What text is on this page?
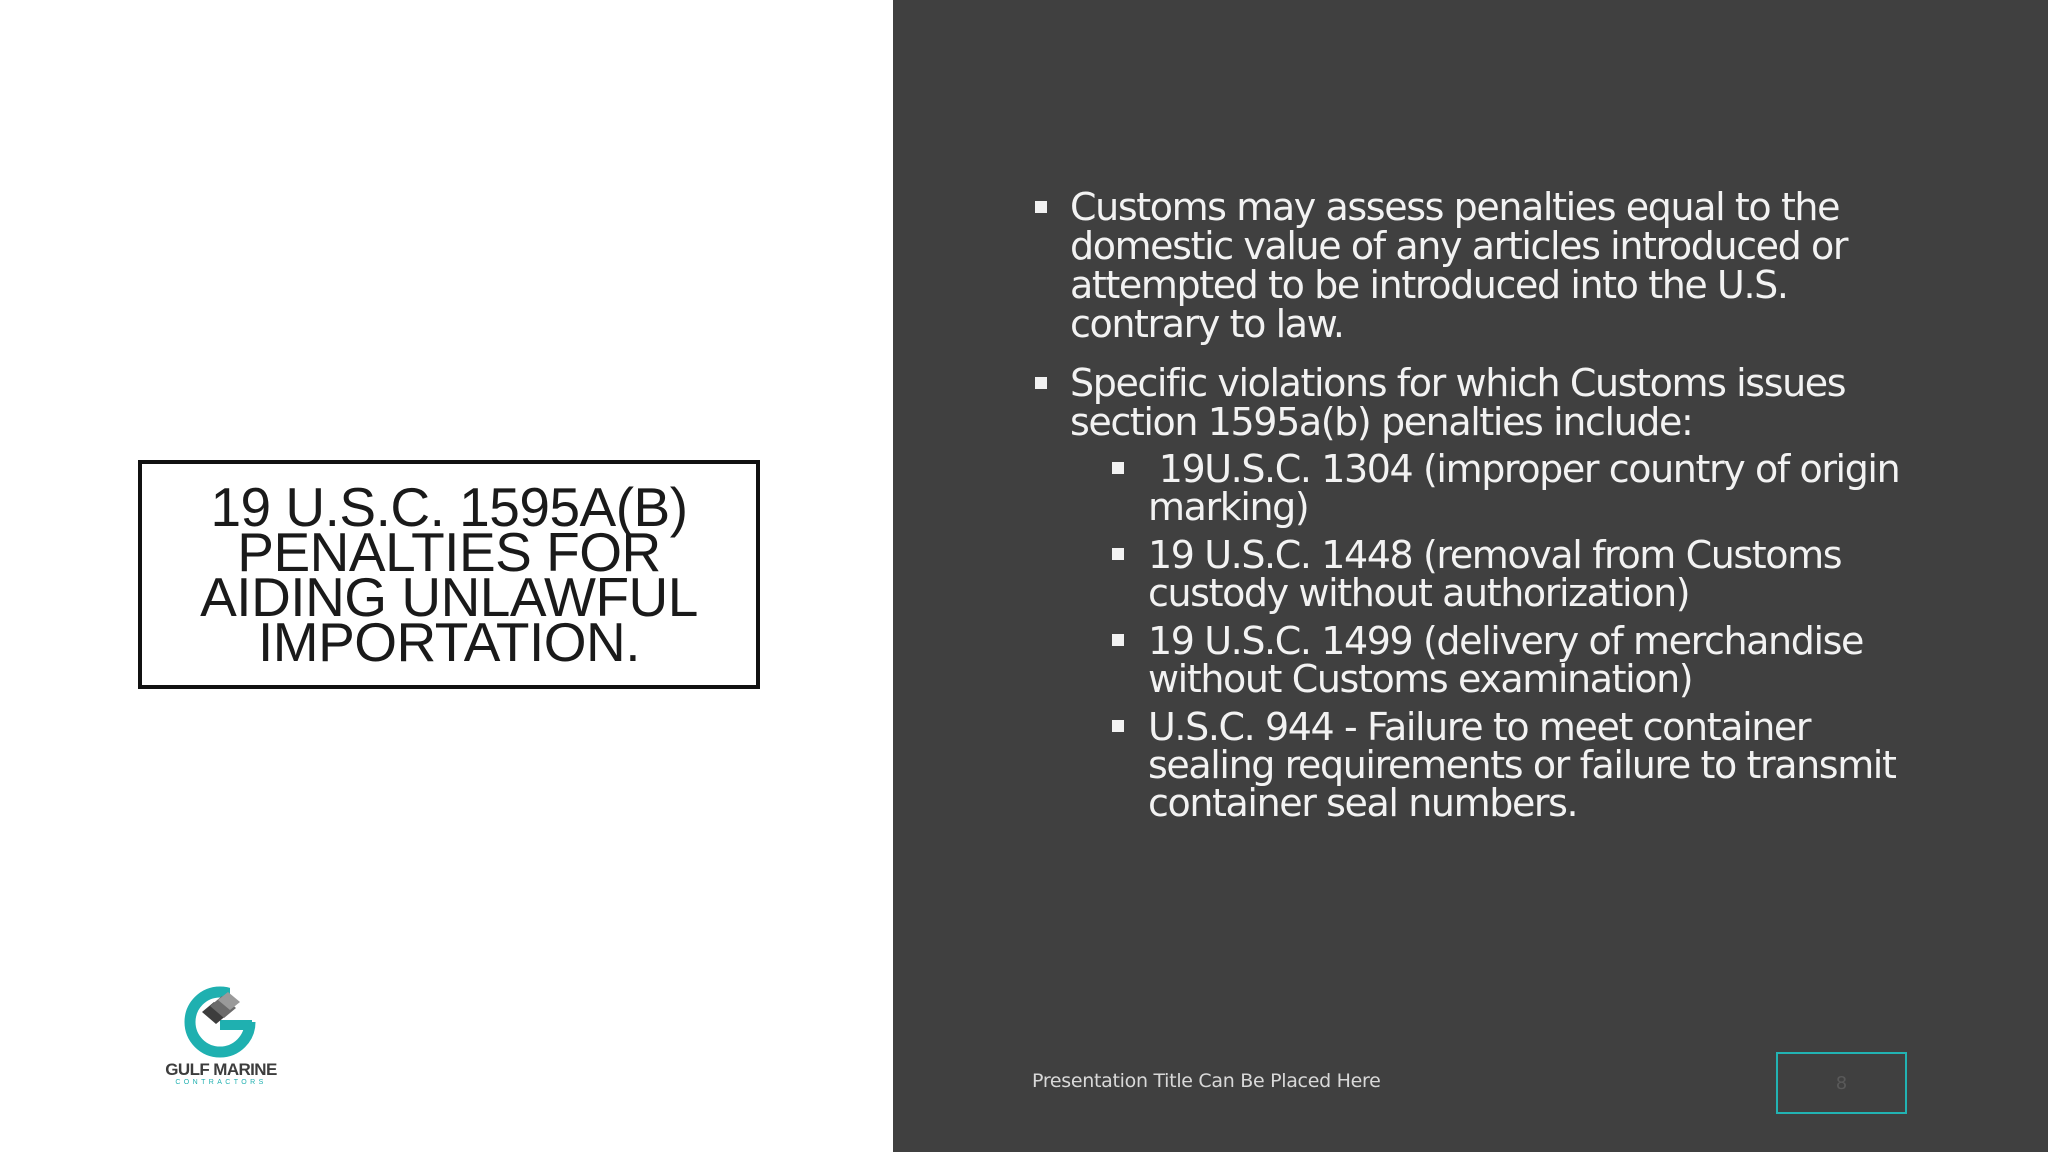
19 U.S.C. 1595A(B) PENALTIES FOR AIDING UNLAWFUL IMPORTATION.
GULF MARINE
CONTRACTORS
Customs may assess penalties equal to the domestic value of any articles introduced or attempted to be introduced into the U.S. contrary to law.
Specific violations for which Customs issues section 1595a(b) penalties include:
19U.S.C. 1304 (improper country of origin marking)
19 U.S.C. 1448 (removal from Customs custody without authorization)
19 U.S.C. 1499 (delivery of merchandise without Customs examination)
U.S.C. 944 - Failure to meet container sealing requirements or failure to transmit container seal numbers.
Presentation Title Can Be Placed Here	8
